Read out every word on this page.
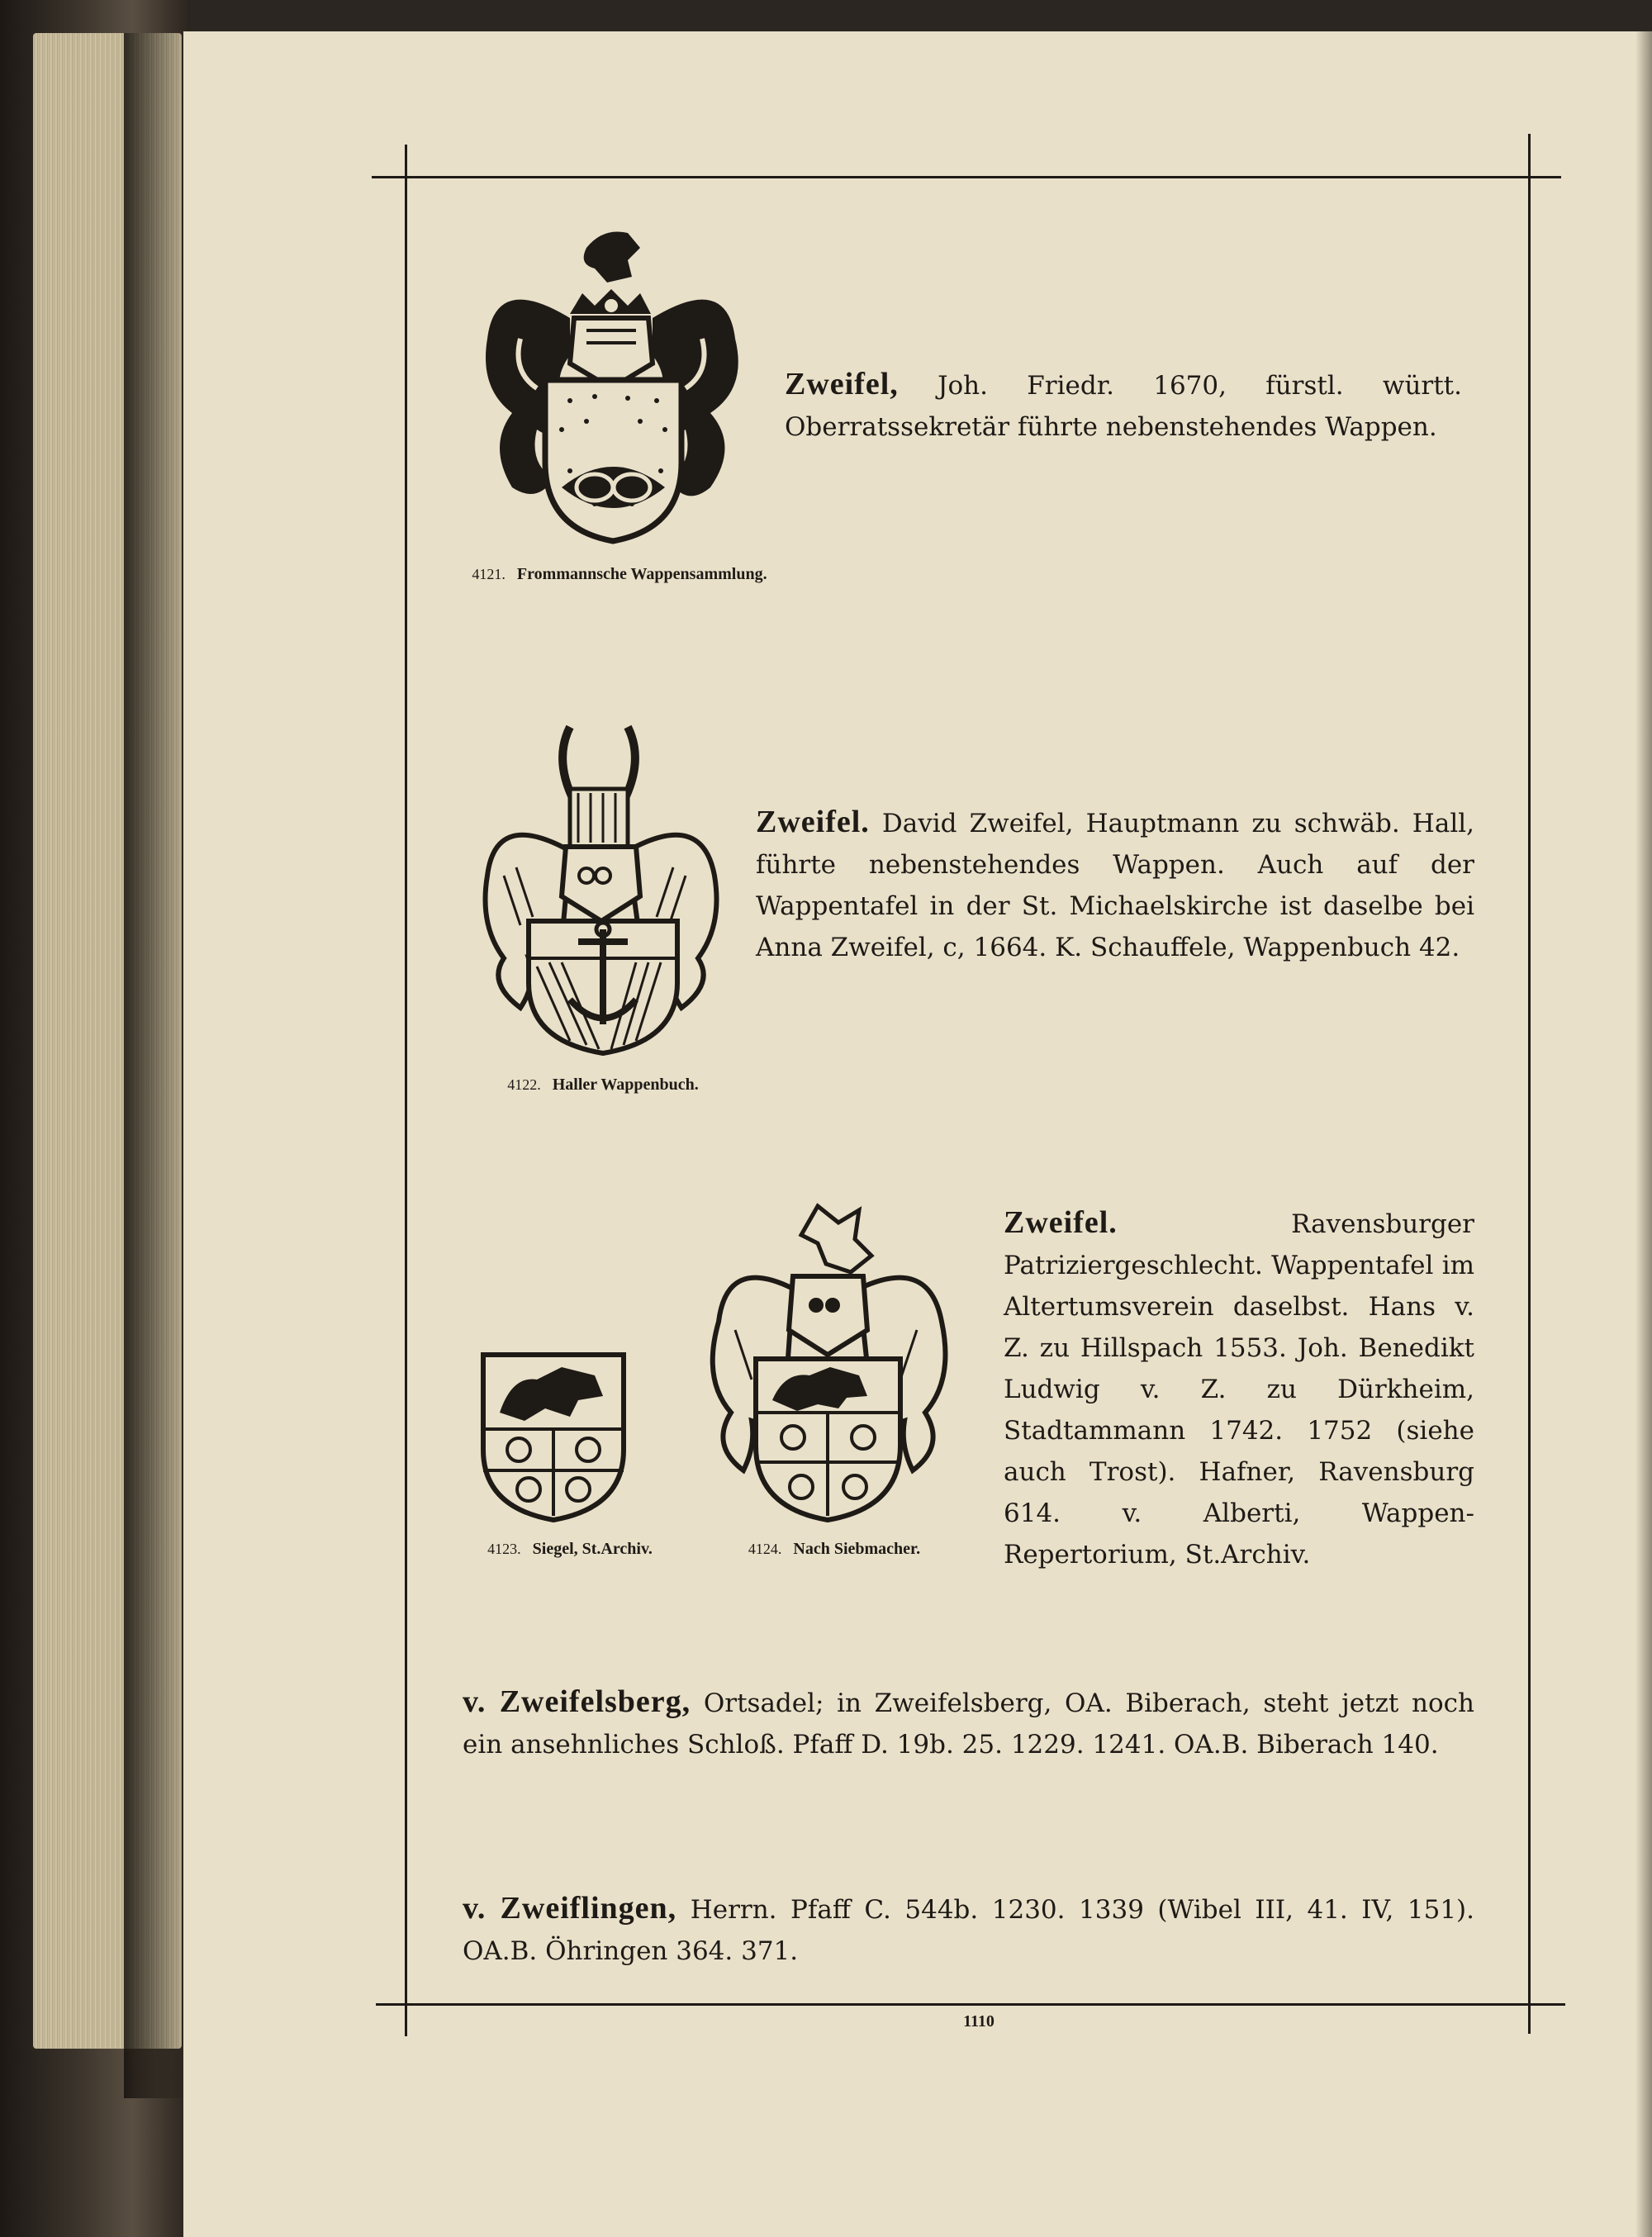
4121. Frommannsche Wappensammlung.
Zweifel, Joh. Friedr. 1670, fürstl. württ. Oberratssekretär führte nebenstehendes Wappen.
4122. Haller Wappenbuch.
Zweifel. David Zweifel, Hauptmann zu schwäb. Hall, führte nebenstehendes Wappen. Auch auf der Wappentafel in der St. Michaelskirche ist daselbe bei Anna Zweifel, c, 1664. K. Schauffele, Wappenbuch 42.
4123. Siegel, St.Archiv.	4124. Nach Siebmacher.
Zweifel.	Ravensburger Patriziergeschlecht. Wappentafel im Altertumsverein daselbst. Hans v. Z. zu Hillspach 1553. Joh. Benedikt Ludwig v. Z. zu Dürkheim, Stadtammann 1742. 1752 (siehe auch Trost). Hafner, Ravensburg 614. v. Alberti, Wappen-Repertorium, St.Archiv.
v. Zweifelsberg, Ortsadel; in Zweifelsberg, OA. Biberach, steht jetzt noch ein ansehnliches Schloß. Pfaff D. 19b. 25. 1229. 1241. OA.B. Biberach 140.
v. Zweiflingen, Herrn. Pfaff C. 544b. 1230. 1339 (Wibel III, 41. IV, 151). OA.B. Öhringen 364. 371.
1110
